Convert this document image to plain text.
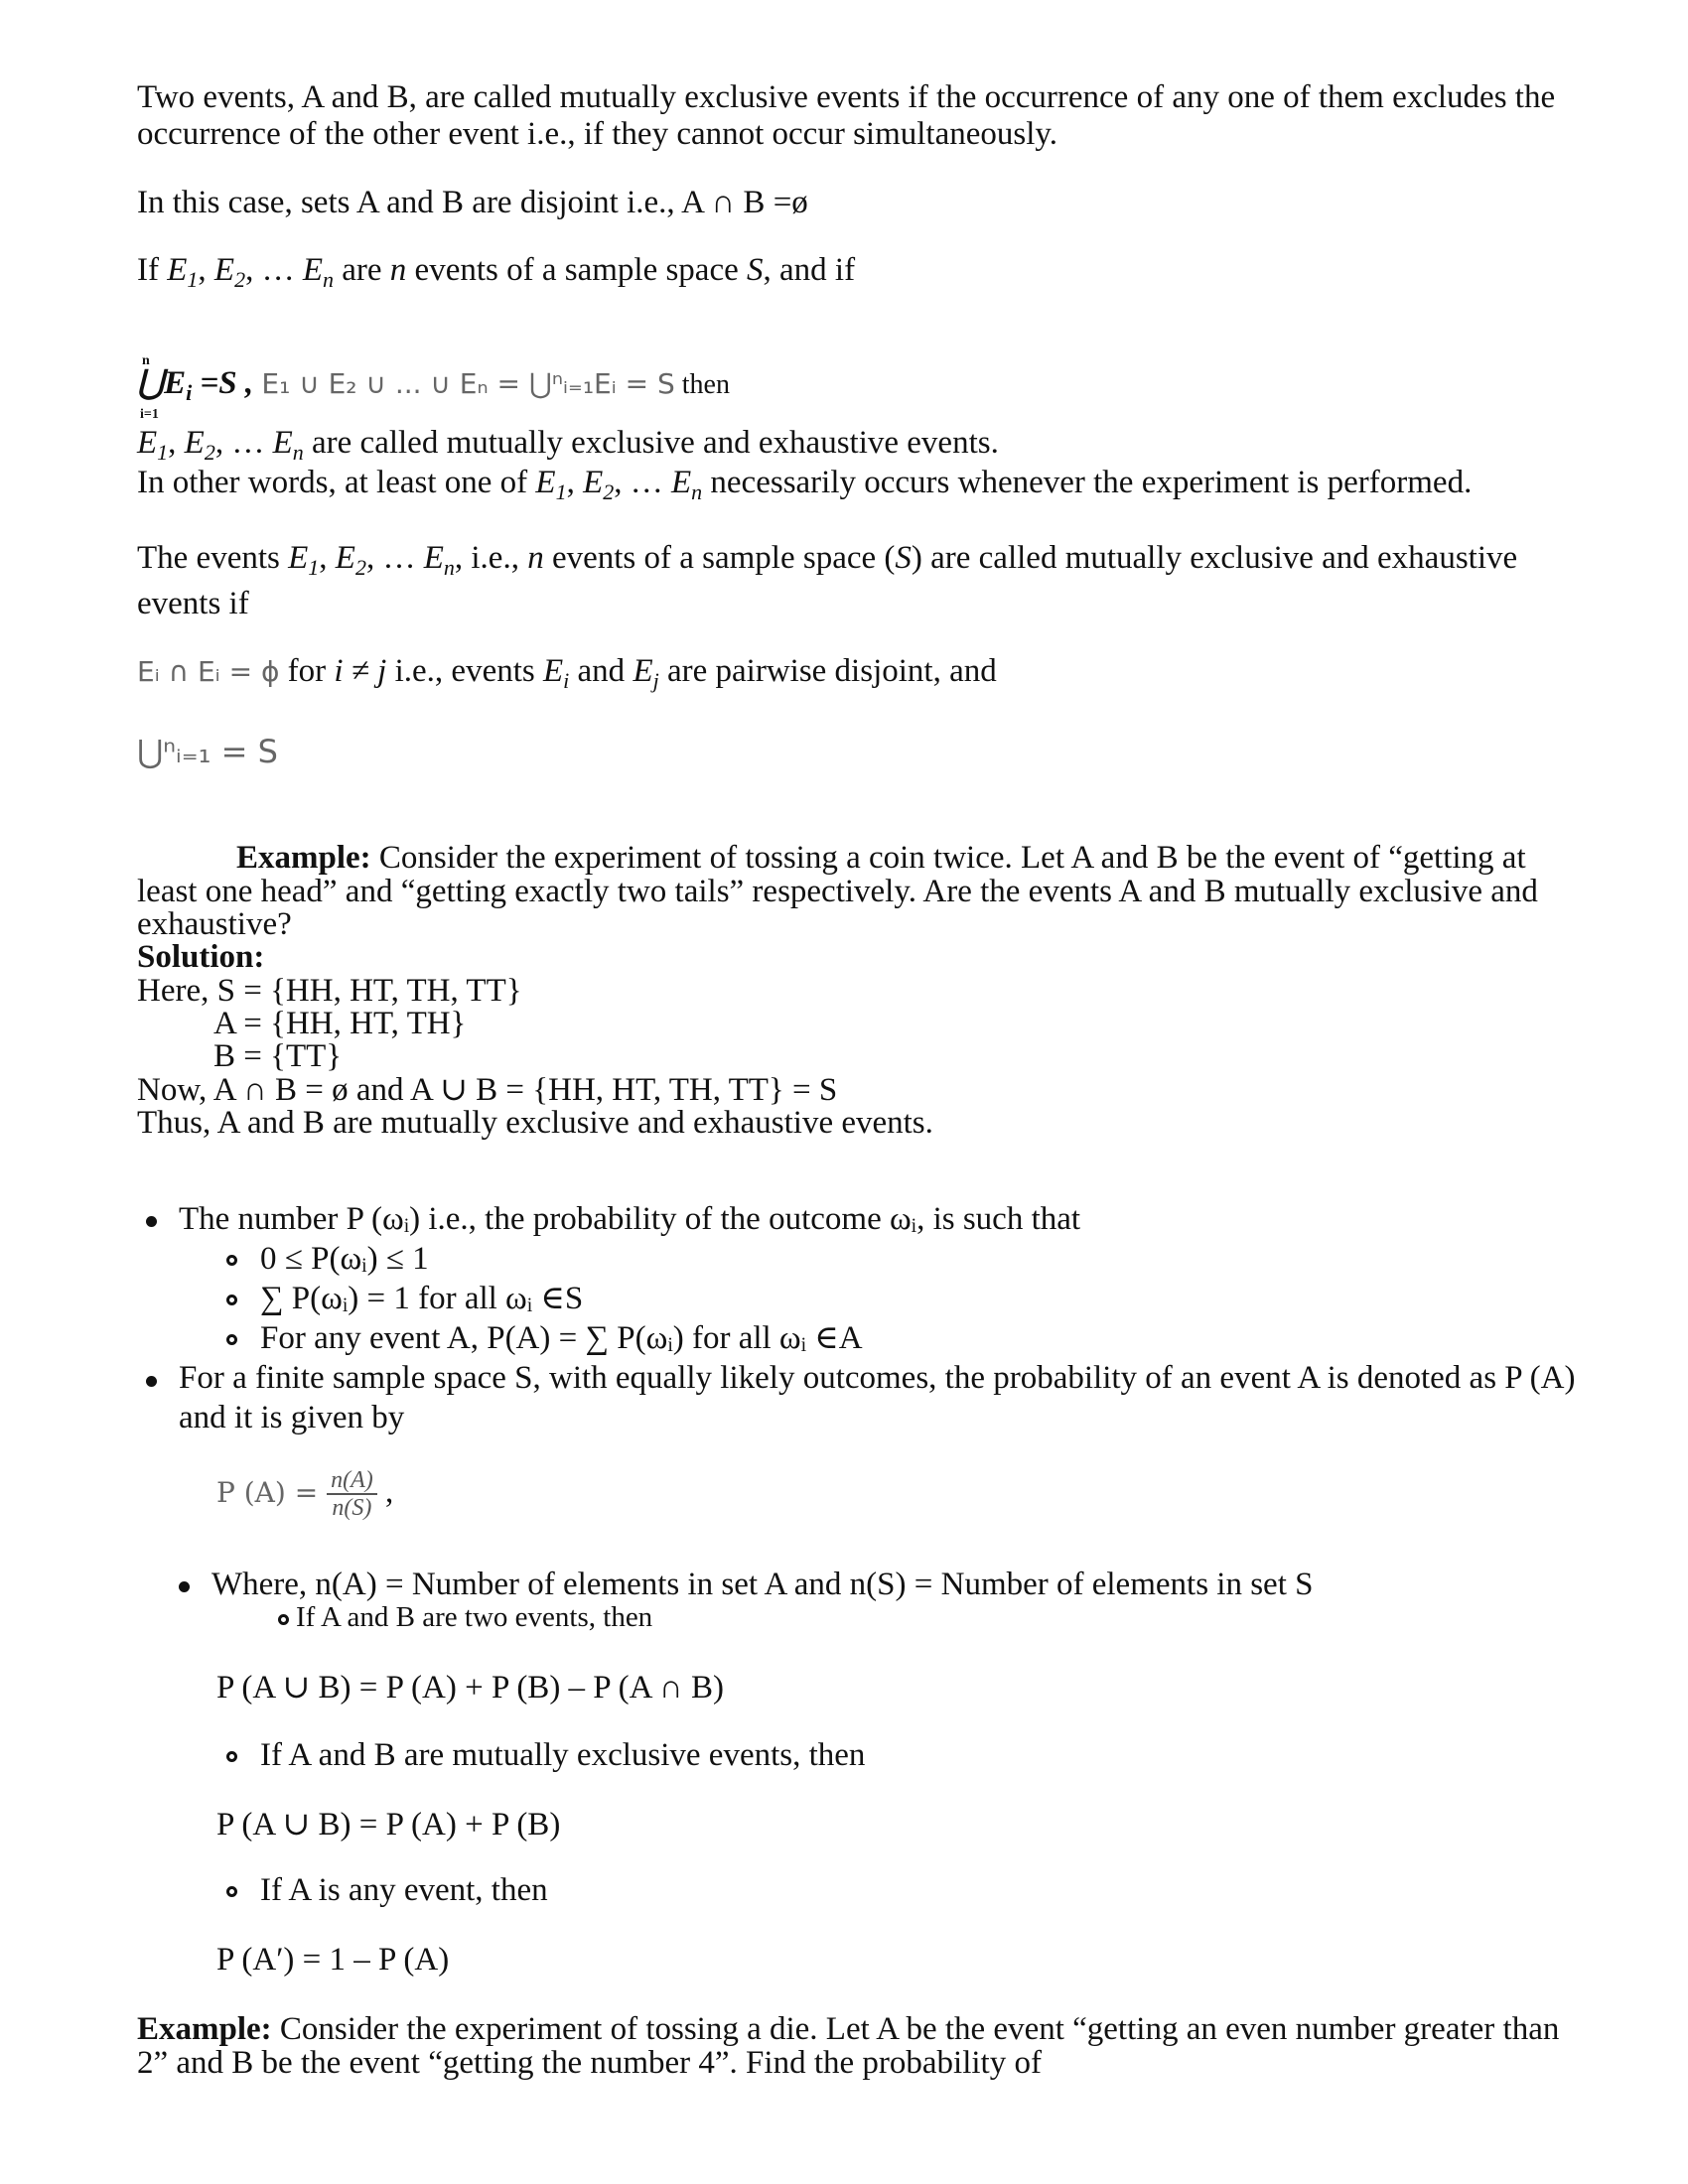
Two events, A and B, are called mutually exclusive events if the occurrence of any one of them excludes the
occurrence of the other event i.e., if they cannot occur simultaneously.
In this case, sets A and B are disjoint i.e., A ∩ B =ø
If $E_1$, $E_2$, … $E_n$ are n events of a sample space S, and if
$⋃E_i =S$ , E₁ ∪ E₂ ∪ ... ∪ Eₙ = ⋃ⁿᵢ₌₁Eᵢ = S then
n
i=1
$E_1$, $E_2$, … $E_n$ are called mutually exclusive and exhaustive events.
In other words, at least one of $E_1$, $E_2$, … $E_n$ necessarily occurs whenever the experiment is performed.
The events $E_1$, $E_2$, … $E_n$, i.e., n events of a sample space (S) are called mutually exclusive and exhaustive
events if
Eᵢ ∩ Eᵢ = ϕ for i ≠ j i.e., events $E_i$ and $E_j$ are pairwise disjoint, and
⋃ⁿᵢ₌₁ = S
Example: Consider the experiment of tossing a coin twice. Let A and B be the event of “getting at
least one head” and “getting exactly two tails” respectively. Are the events A and B mutually exclusive and
exhaustive?
Solution:
Here, S = {HH, HT, TH, TT}
A = {HH, HT, TH}
B = {TT}
Now, A ∩ B = ø and A ∪ B = {HH, HT, TH, TT} = S
Thus, A and B are mutually exclusive and exhaustive events.
The number P (ωᵢ) i.e., the probability of the outcome ωᵢ, is such that
0 ≤ P(ωᵢ) ≤ 1
∑ P(ωᵢ) = 1 for all ωᵢ ∈S
For any event A, P(A) = ∑ P(ωᵢ) for all ωᵢ ∈A
For a finite sample space S, with equally likely outcomes, the probability of an event A is denoted as P (A)
and it is given by
P $(A) = \frac{n(A)}{n(S)}$ ,
Where, n(A) = Number of elements in set A and n(S) = Number of elements in set S
If A and B are two events, then
P (A ∪ B) = P (A) + P (B) – P (A ∩ B)
If A and B are mutually exclusive events, then
P (A ∪ B) = P (A) + P (B)
If A is any event, then
P (A′) = 1 – P (A)
Example: Consider the experiment of tossing a die. Let A be the event “getting an even number greater than
2” and B be the event “getting the number 4”. Find the probability of
